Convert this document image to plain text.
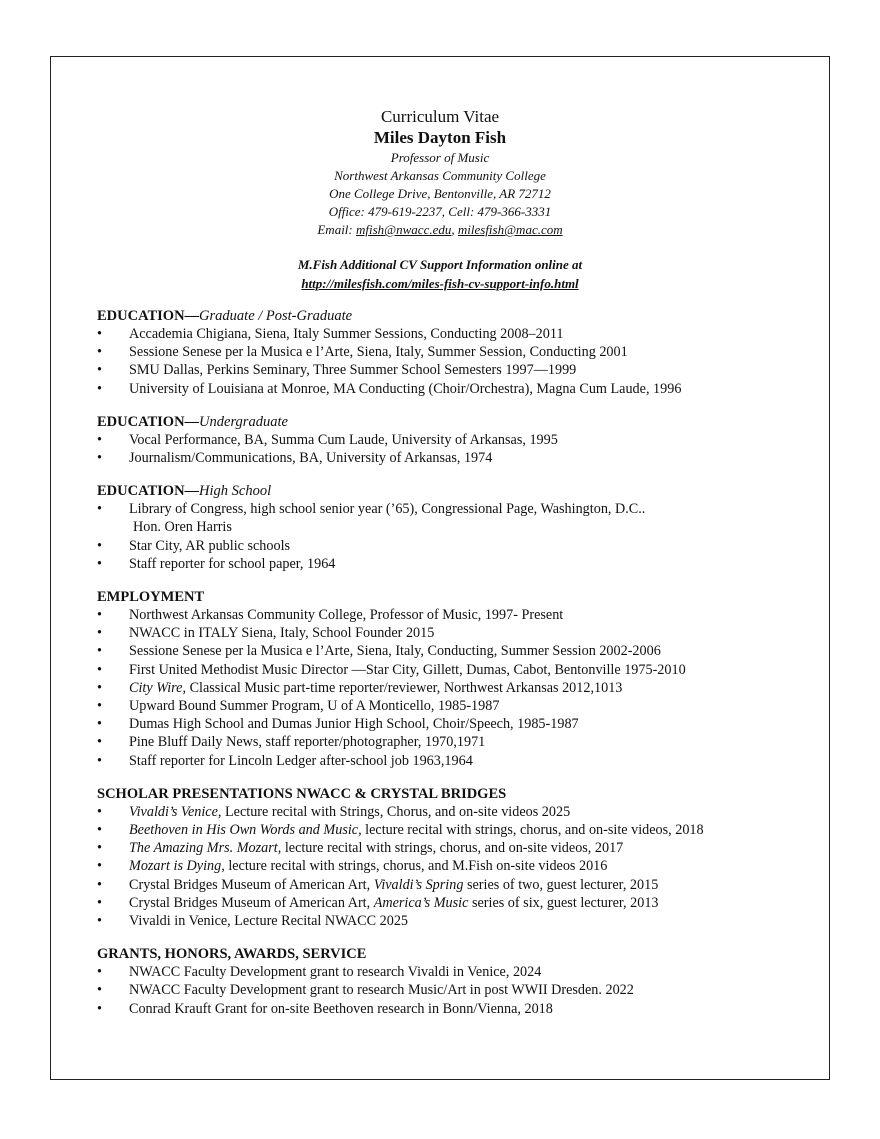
Curriculum Vitae
Miles Dayton Fish
Professor of Music
Northwest Arkansas Community College
One College Drive, Bentonville, AR 72712
Office: 479-619-2237, Cell: 479-366-3331
Email: mfish@nwacc.edu, milesfish@mac.com
M.Fish Additional CV Support Information online at
http://milesfish.com/miles-fish-cv-support-info.html
EDUCATION—Graduate / Post-Graduate
• Accademia Chigiana, Siena, Italy Summer Sessions, Conducting 2008–2011
• Sessione Senese per la Musica e l’Arte, Siena, Italy, Summer Session, Conducting 2001
• SMU Dallas, Perkins Seminary, Three Summer School Semesters 1997—1999
• University of Louisiana at Monroe, MA Conducting (Choir/Orchestra), Magna Cum Laude, 1996
EDUCATION—Undergraduate
• Vocal Performance, BA, Summa Cum Laude, University of Arkansas, 1995
• Journalism/Communications, BA, University of Arkansas, 1974
EDUCATION—High School
• Library of Congress, high school senior year (’65), Congressional Page, Washington, D.C..
Hon. Oren Harris
• Star City, AR public schools
• Staff reporter for school paper, 1964
EMPLOYMENT
• Northwest Arkansas Community College, Professor of Music, 1997- Present
• NWACC in ITALY Siena, Italy, School Founder 2015
• Sessione Senese per la Musica e l’Arte, Siena, Italy, Conducting, Summer Session 2002-2006
• First United Methodist Music Director —Star City, Gillett, Dumas, Cabot, Bentonville 1975-2010
• City Wire, Classical Music part-time reporter/reviewer, Northwest Arkansas 2012,1013
• Upward Bound Summer Program, U of A Monticello, 1985-1987
• Dumas High School and Dumas Junior High School, Choir/Speech, 1985-1987
• Pine Bluff Daily News, staff reporter/photographer, 1970,1971
• Staff reporter for Lincoln Ledger after-school job 1963,1964
SCHOLAR PRESENTATIONS NWACC & CRYSTAL BRIDGES
• Vivaldi’s Venice, Lecture recital with Strings, Chorus, and on-site videos 2025
• Beethoven in His Own Words and Music, lecture recital with strings, chorus, and on-site videos, 2018
• The Amazing Mrs. Mozart, lecture recital with strings, chorus, and on-site videos, 2017
• Mozart is Dying, lecture recital with strings, chorus, and M.Fish on-site videos 2016
• Crystal Bridges Museum of American Art, Vivaldi’s Spring series of two, guest lecturer, 2015
• Crystal Bridges Museum of American Art, America’s Music series of six, guest lecturer, 2013
• Vivaldi in Venice, Lecture Recital NWACC 2025
GRANTS, HONORS, AWARDS, SERVICE
• NWACC Faculty Development grant to research Vivaldi in Venice, 2024
• NWACC Faculty Development grant to research Music/Art in post WWII Dresden. 2022
• Conrad Krauft Grant for on-site Beethoven research in Bonn/Vienna, 2018
